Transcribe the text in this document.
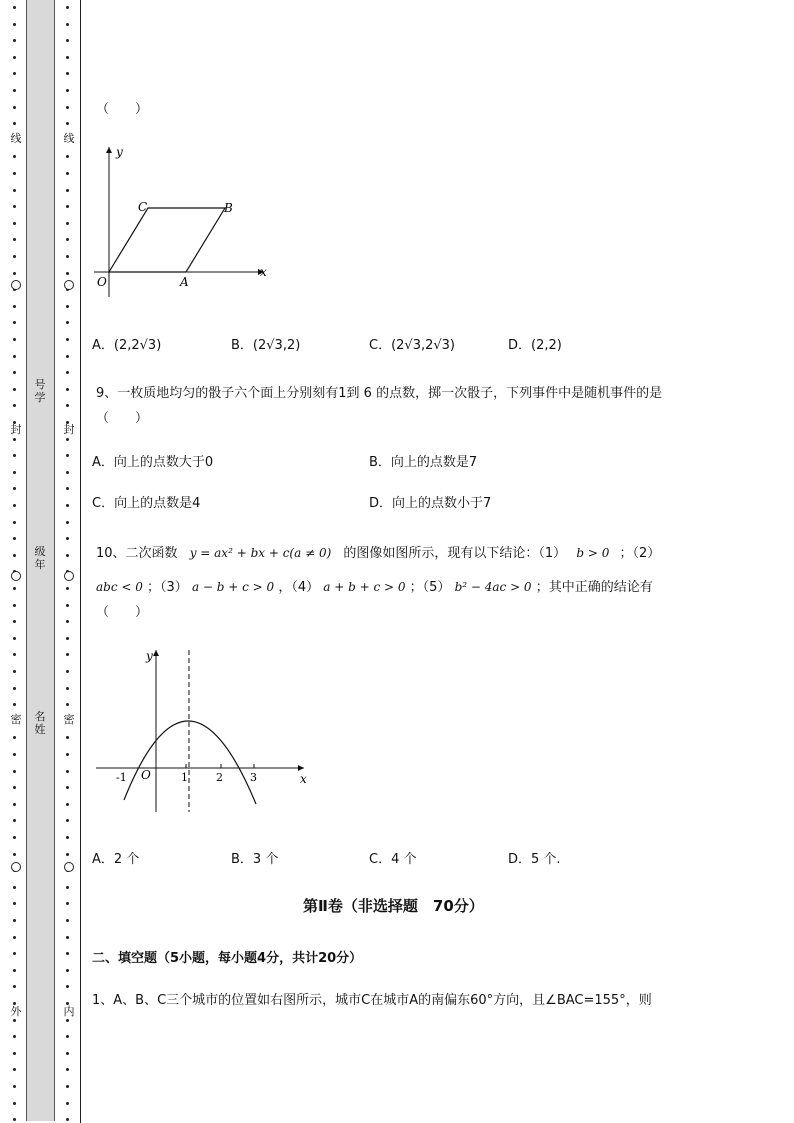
线
封
密
外
线
封
密
内
号学
级年
名姓
（　　）
y
x
O	A
B
C
A．(2,2√3)	B．(2√3,2)	C．(2√3,2√3)	D．(2,2)
9、一枚质地均匀的骰子六个面上分别刻有1到 6 的点数，掷一次骰子，下列事件中是随机事件的是
（　　）
A．向上的点数大于0	B．向上的点数是7
C．向上的点数是4	D．向上的点数小于7
10、二次函数 y = ax² + bx + c(a ≠ 0) 的图像如图所示，现有以下结论：（1） b > 0 ；（2）
abc < 0 ；（3） a − b + c > 0 ，（4） a + b + c > 0 ；（5） b² − 4ac > 0 ；其中正确的结论有
（　　）
y
x
O
-1	1	2 3
A．2 个	B．3 个	C．4 个	D．5 个.
第Ⅱ卷（非选择题　70分）
二、填空题（5小题，每小题4分，共计20分）
1、A、B、C三个城市的位置如右图所示，城市C在城市A的南偏东60°方向，且∠BAC=155°，则
